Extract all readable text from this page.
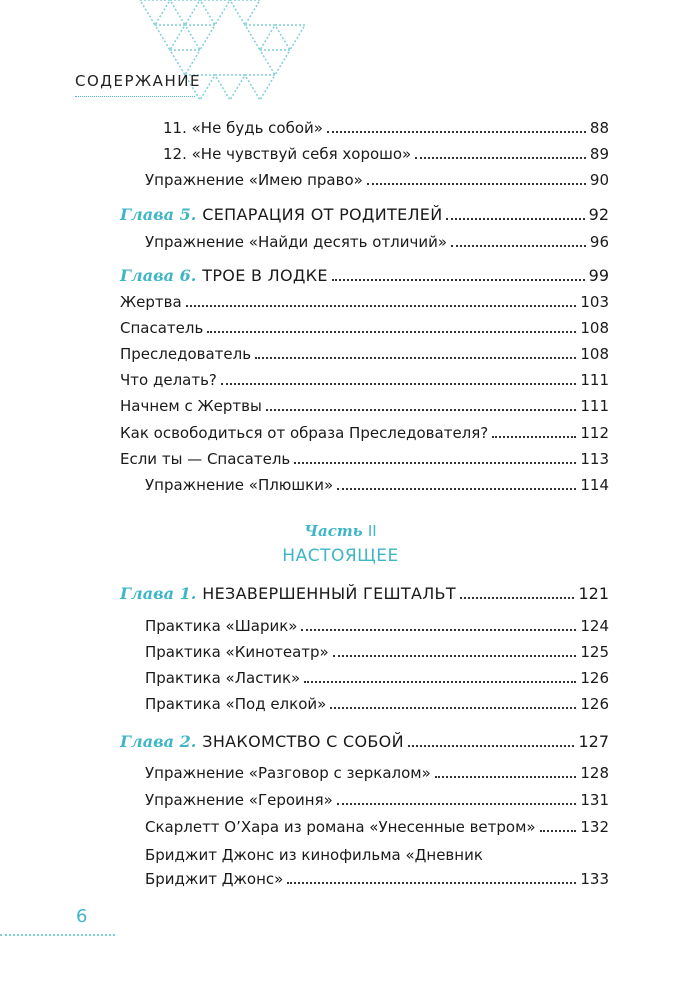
СОДЕРЖАНИЕ
11. «Не будь собой»	88
12. «Не чувствуй себя хорошо»	89
Упражнение «Имею право»	90
Глава 5. СЕПАРАЦИЯ ОТ РОДИТЕЛЕЙ	92
Упражнение «Найди десять отличий»	96
Глава 6. ТРОЕ В ЛОДКЕ	99
Жертва	103
Спасатель	108
Преследователь	108
Что делать?	111
Начнем с Жертвы	111
Как освободиться от образа Преследователя?	112
Если ты — Спасатель	113
Упражнение «Плюшки»	114
Часть II
НАСТОЯЩЕЕ
Глава 1. НЕЗАВЕРШЕННЫЙ ГЕШТАЛЬТ	121
Практика «Шарик»	124
Практика «Кинотеатр»	125
Практика «Ластик»	126
Практика «Под елкой»	126
Глава 2. ЗНАКОМСТВО С СОБОЙ	127
Упражнение «Разговор с зеркалом»	128
Упражнение «Героиня»	131
Скарлетт О’Хара из романа «Унесенные ветром»	132
Бриджит Джонс из кинофильма «Дневник
Бриджит Джонс»	133
6
